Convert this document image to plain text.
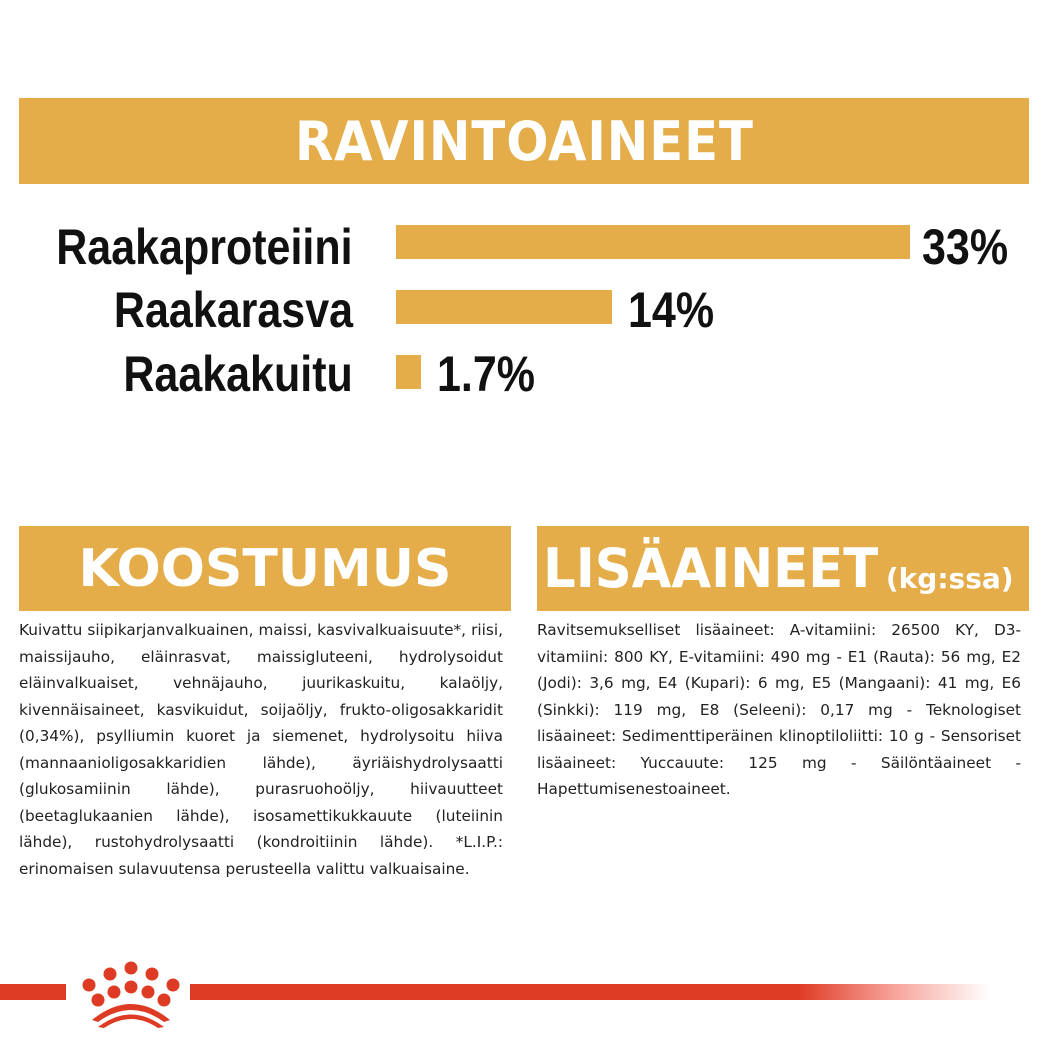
RAVINTOAINEET
Raakaproteiini	33%
Raakarasva	14%
Raakakuitu 1.7%
KOOSTUMUS
Kuivattu siipikarjanvalkuainen, maissi, kasvivalkuaisuute*, riisi, maissijauho, eläinrasvat, maissigluteeni, hydrolysoidut eläinvalkuaiset, vehnäjauho, juurikaskuitu, kalaöljy, kivennäisaineet, kasvikuidut, soijaöljy, frukto-oligosakkaridit (0,34%), psylliumin kuoret ja siemenet, hydrolysoitu hiiva (mannaanioligosakkaridien lähde), äyriäishydrolysaatti (glukosamiinin lähde), purasruohoöljy, hiivauutteet (beetaglukaanien lähde), isosamettikukkauute (luteiinin lähde), rustohydrolysaatti (kondroitiinin lähde). *L.I.P.: erinomaisen sulavuutensa perusteella valittu valkuaisaine.
LISÄAINEET (kg:ssa)
Ravitsemukselliset lisäaineet: A-vitamiini: 26500 KY, D3-vitamiini: 800 KY, E-vitamiini: 490 mg - E1 (Rauta): 56 mg, E2 (Jodi): 3,6 mg, E4 (Kupari): 6 mg, E5 (Mangaani): 41 mg, E6 (Sinkki): 119 mg, E8 (Seleeni): 0,17 mg - Teknologiset lisäaineet: Sedimenttiperäinen klinoptiloliitti: 10 g - Sensoriset lisäaineet: Yuccauute: 125 mg - Säilöntäaineet - Hapettumisenestoaineet.
